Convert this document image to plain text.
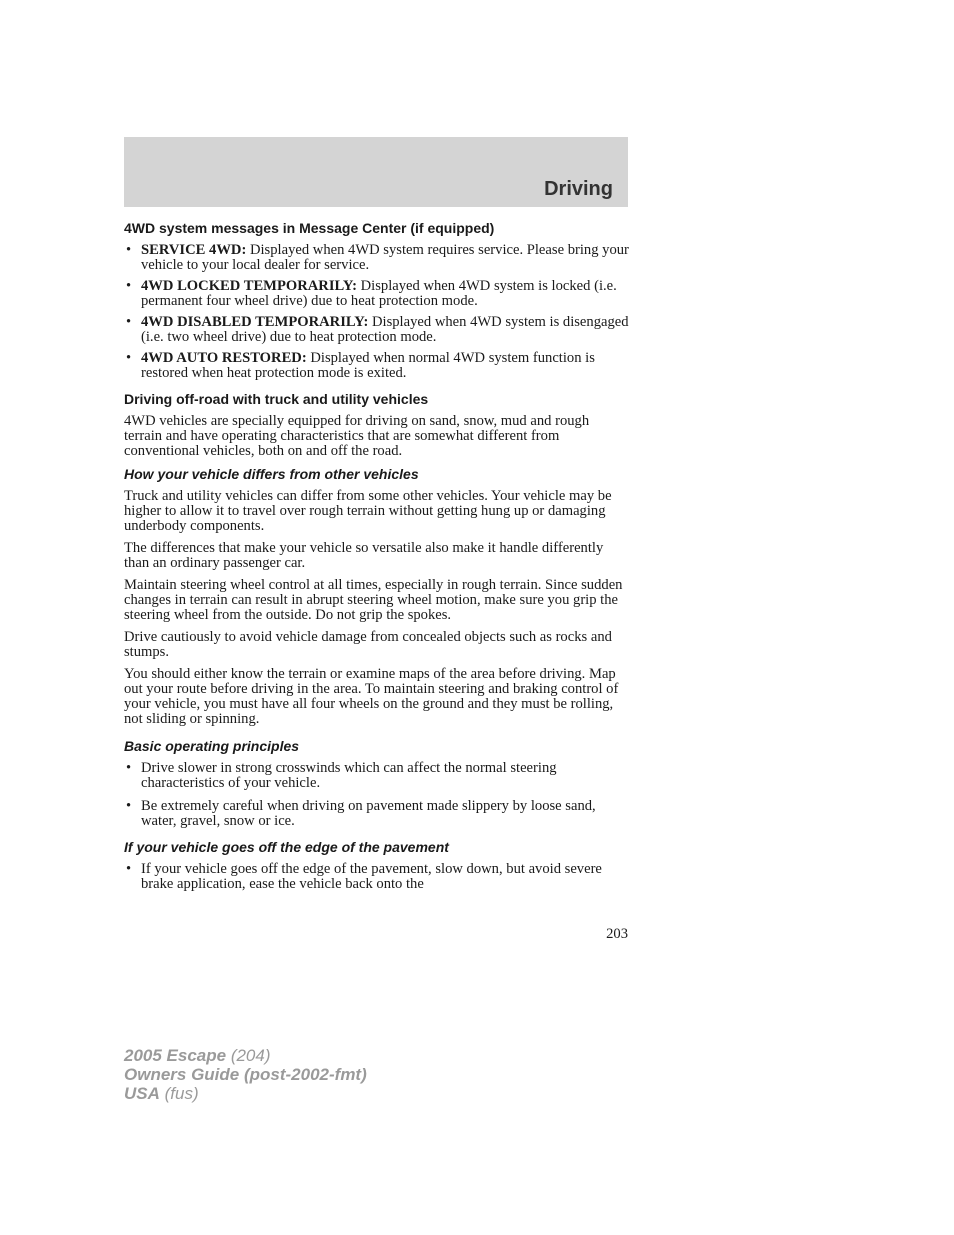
Driving
4WD system messages in Message Center (if equipped)
• SERVICE 4WD: Displayed when 4WD system requires service. Please bring your vehicle to your local dealer for service.
• 4WD LOCKED TEMPORARILY: Displayed when 4WD system is locked (i.e. permanent four wheel drive) due to heat protection mode.
• 4WD DISABLED TEMPORARILY: Displayed when 4WD system is disengaged (i.e. two wheel drive) due to heat protection mode.
• 4WD AUTO RESTORED: Displayed when normal 4WD system function is restored when heat protection mode is exited.
Driving off-road with truck and utility vehicles

4WD vehicles are specially equipped for driving on sand, snow, mud and rough terrain and have operating characteristics that are somewhat different from conventional vehicles, both on and off the road.

How your vehicle differs from other vehicles

Truck and utility vehicles can differ from some other vehicles. Your vehicle may be higher to allow it to travel over rough terrain without getting hung up or damaging underbody components.

The differences that make your vehicle so versatile also make it handle differently than an ordinary passenger car.

Maintain steering wheel control at all times, especially in rough terrain. Since sudden changes in terrain can result in abrupt steering wheel motion, make sure you grip the steering wheel from the outside. Do not grip the spokes.

Drive cautiously to avoid vehicle damage from concealed objects such as rocks and stumps.

You should either know the terrain or examine maps of the area before driving. Map out your route before driving in the area. To maintain steering and braking control of your vehicle, you must have all four wheels on the ground and they must be rolling, not sliding or spinning.

Basic operating principles
• Drive slower in strong crosswinds which can affect the normal steering characteristics of your vehicle.
• Be extremely careful when driving on pavement made slippery by loose sand, water, gravel, snow or ice.
If your vehicle goes off the edge of the pavement
• If your vehicle goes off the edge of the pavement, slow down, but avoid severe brake application, ease the vehicle back onto the
203
2005 Escape (204)
Owners Guide (post-2002-fmt)
USA (fus)
